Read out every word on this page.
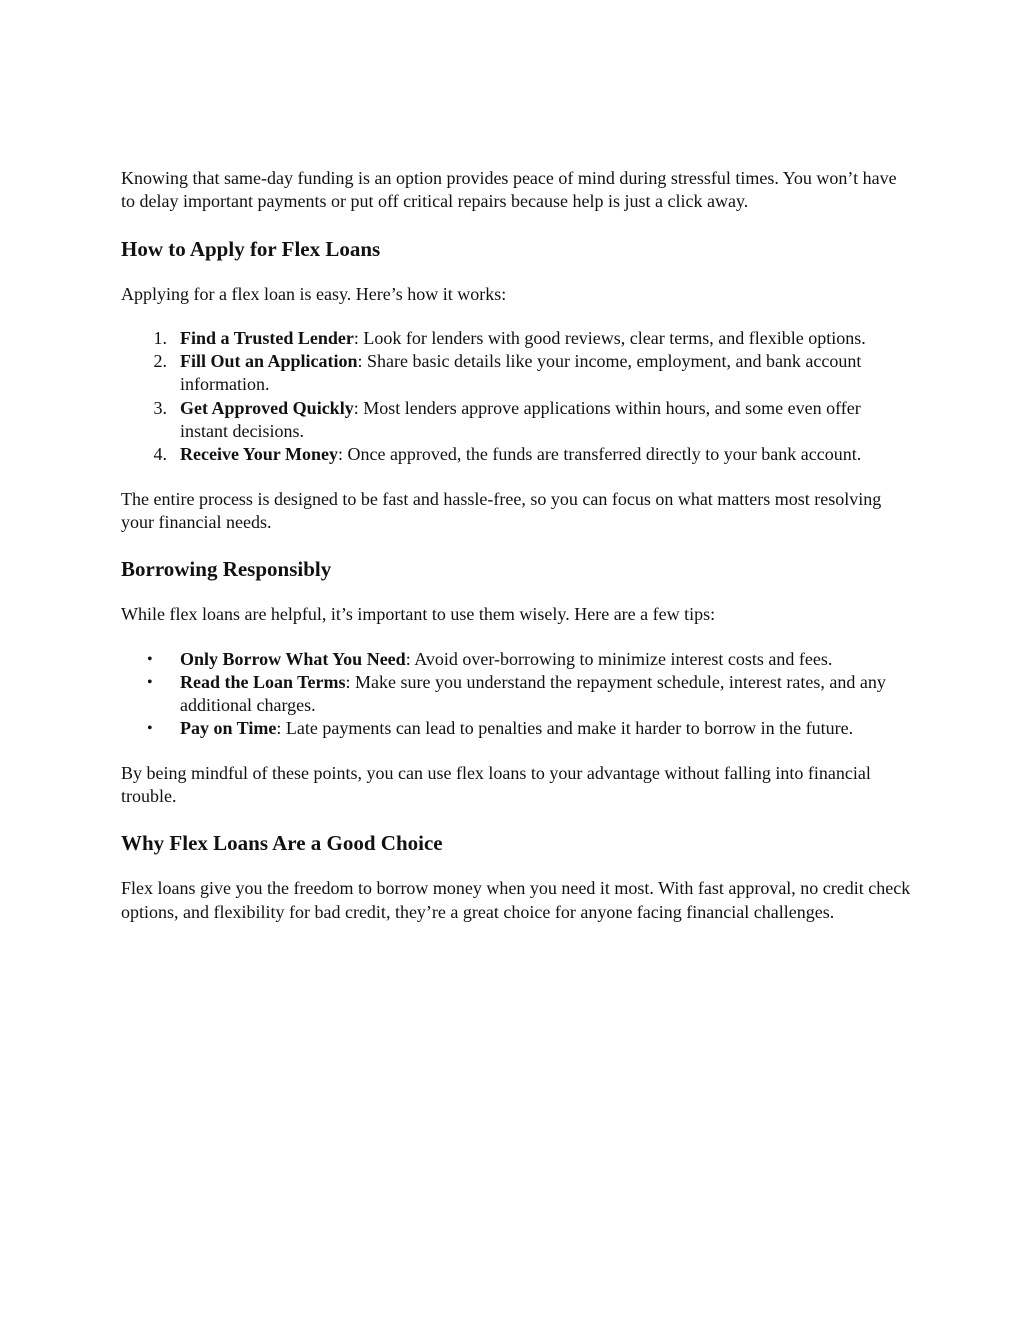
Knowing that same-day funding is an option provides peace of mind during stressful times. You won’t have to delay important payments or put off critical repairs because help is just a click away.

How to Apply for Flex Loans

Applying for a flex loan is easy. Here’s how it works:

1. Find a Trusted Lender: Look for lenders with good reviews, clear terms, and flexible options.
2. Fill Out an Application: Share basic details like your income, employment, and bank account information.
3. Get Approved Quickly: Most lenders approve applications within hours, and some even offer instant decisions.
4. Receive Your Money: Once approved, the funds are transferred directly to your bank account.

The entire process is designed to be fast and hassle-free, so you can focus on what matters most resolving your financial needs.

Borrowing Responsibly

While flex loans are helpful, it’s important to use them wisely. Here are a few tips:

• Only Borrow What You Need: Avoid over-borrowing to minimize interest costs and fees.
• Read the Loan Terms: Make sure you understand the repayment schedule, interest rates, and any additional charges.
• Pay on Time: Late payments can lead to penalties and make it harder to borrow in the future.

By being mindful of these points, you can use flex loans to your advantage without falling into financial trouble.

Why Flex Loans Are a Good Choice

Flex loans give you the freedom to borrow money when you need it most. With fast approval, no credit check options, and flexibility for bad credit, they’re a great choice for anyone facing financial challenges.
